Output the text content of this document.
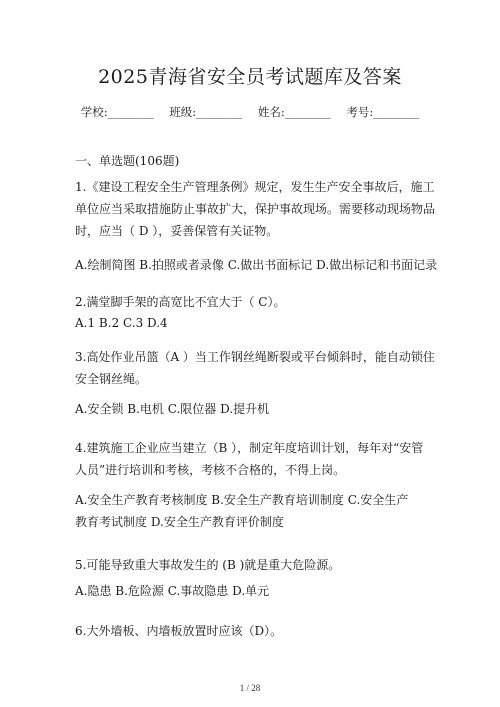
2025青海省安全员考试题库及答案
学校:________ 班级:________ 姓名:________ 考号:________
一、单选题(106题)

1.《建设工程安全生产管理条例》规定，发生生产安全事故后，施工单位应当采取措施防止事故扩大，保护事故现场。需要移动现场物品时，应当（ D ），妥善保管有关证物。

A.绘制简图 B.拍照或者录像 C.做出书面标记 D.做出标记和书面记录

2.满堂脚手架的高宽比不宜大于（ C）。

A.1 B.2 C.3 D.4

3.高处作业吊篮（A ）当工作钢丝绳断裂或平台倾斜时，能自动锁住安全钢丝绳。

A.安全锁 B.电机 C.限位器 D.提升机

4.建筑施工企业应当建立（B ），制定年度培训计划，每年对“安管人员”进行培训和考核，考核不合格的，不得上岗。

A.安全生产教育考核制度 B.安全生产教育培训制度 C.安全生产教育考试制度 D.安全生产教育评价制度

5.可能导致重大事故发生的 (B )就是重大危险源。

A.隐患 B.危险源 C.事故隐患 D.单元

6.大外墙板、内墙板放置时应该（D）。

1 / 28
